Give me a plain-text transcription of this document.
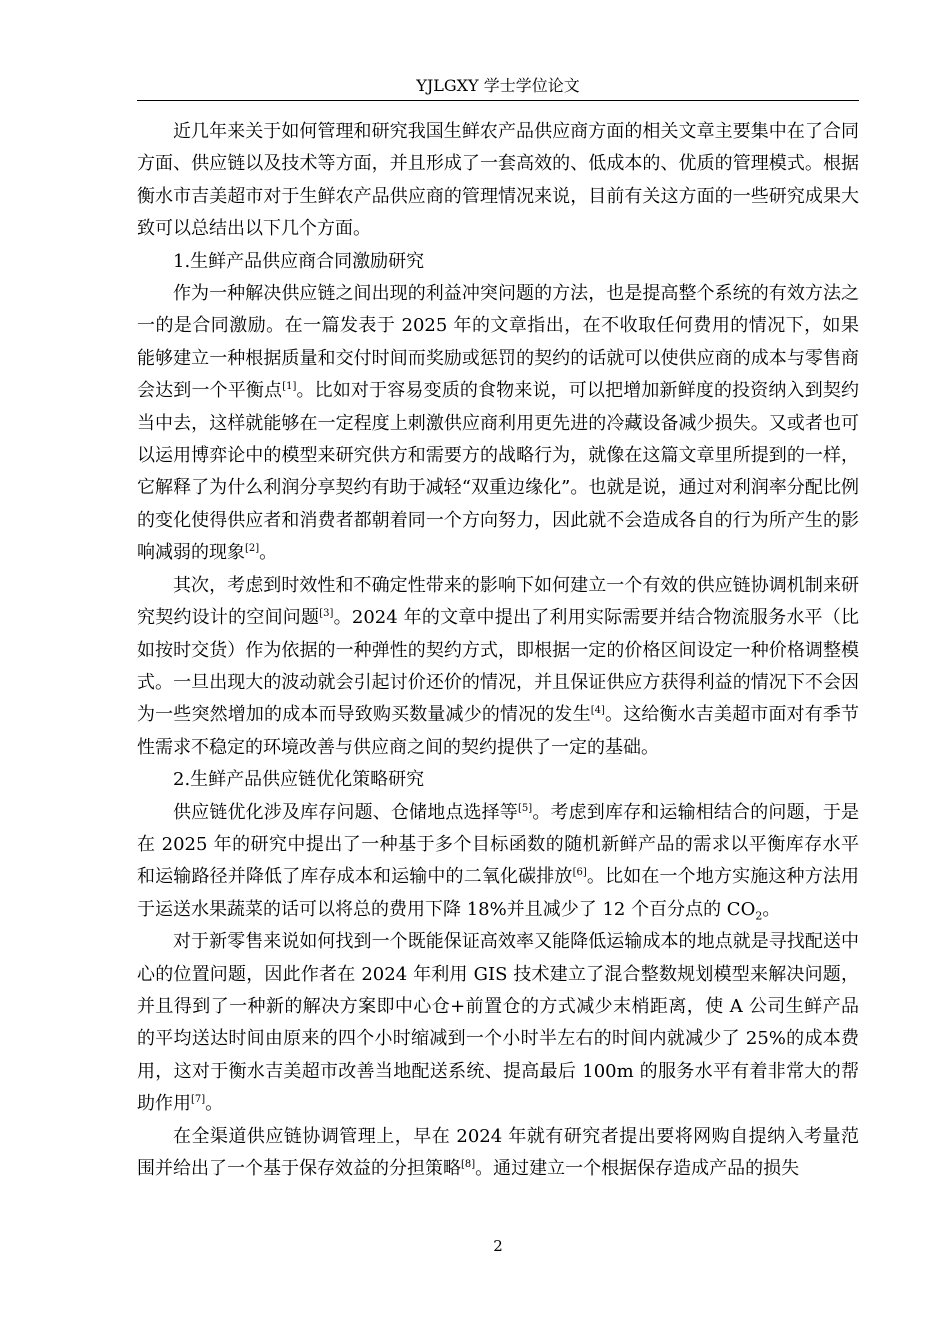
YJLGXY 学士学位论文

近几年来关于如何管理和研究我国生鲜农产品供应商方面的相关文章主要集中在了合同方面、供应链以及技术等方面，并且形成了一套高效的、低成本的、优质的管理模式。根据衡水市吉美超市对于生鲜农产品供应商的管理情况来说，目前有关这方面的一些研究成果大致可以总结出以下几个方面。

1.生鲜产品供应商合同激励研究

作为一种解决供应链之间出现的利益冲突问题的方法，也是提高整个系统的有效方法之一的是合同激励。在一篇发表于 2025 年的文章指出，在不收取任何费用的情况下，如果能够建立一种根据质量和交付时间而奖励或惩罚的契约的话就可以使供应商的成本与零售商会达到一个平衡点[1]。比如对于容易变质的食物来说，可以把增加新鲜度的投资纳入到契约当中去，这样就能够在一定程度上刺激供应商利用更先进的冷藏设备减少损失。又或者也可以运用博弈论中的模型来研究供方和需要方的战略行为，就像在这篇文章里所提到的一样，它解释了为什么利润分享契约有助于减轻“双重边缘化”。也就是说，通过对利润率分配比例的变化使得供应者和消费者都朝着同一个方向努力，因此就不会造成各自的行为所产生的影响减弱的现象[2]。

其次，考虑到时效性和不确定性带来的影响下如何建立一个有效的供应链协调机制来研究契约设计的空间问题[3]。2024 年的文章中提出了利用实际需要并结合物流服务水平（比如按时交货）作为依据的一种弹性的契约方式，即根据一定的价格区间设定一种价格调整模式。一旦出现大的波动就会引起讨价还价的情况，并且保证供应方获得利益的情况下不会因为一些突然增加的成本而导致购买数量减少的情况的发生[4]。这给衡水吉美超市面对有季节性需求不稳定的环境改善与供应商之间的契约提供了一定的基础。

2.生鲜产品供应链优化策略研究

供应链优化涉及库存问题、仓储地点选择等[5]。考虑到库存和运输相结合的问题，于是在 2025 年的研究中提出了一种基于多个目标函数的随机新鲜产品的需求以平衡库存水平和运输路径并降低了库存成本和运输中的二氧化碳排放[6]。比如在一个地方实施这种方法用于运送水果蔬菜的话可以将总的费用下降 18%并且减少了 12 个百分点的 $CO_2$。

对于新零售来说如何找到一个既能保证高效率又能降低运输成本的地点就是寻找配送中心的位置问题，因此作者在 2024 年利用 GIS 技术建立了混合整数规划模型来解决问题，并且得到了一种新的解决方案即中心仓+前置仓的方式减少末梢距离，使 A 公司生鲜产品的平均送达时间由原来的四个小时缩减到一个小时半左右的时间内就减少了 25%的成本费用，这对于衡水吉美超市改善当地配送系统、提高最后 100m 的服务水平有着非常大的帮助作用[7]。

在全渠道供应链协调管理上，早在 2024 年就有研究者提出要将网购自提纳入考量范围并给出了一个基于保存效益的分担策略[8]。通过建立一个根据保存造成产品的损失

2
